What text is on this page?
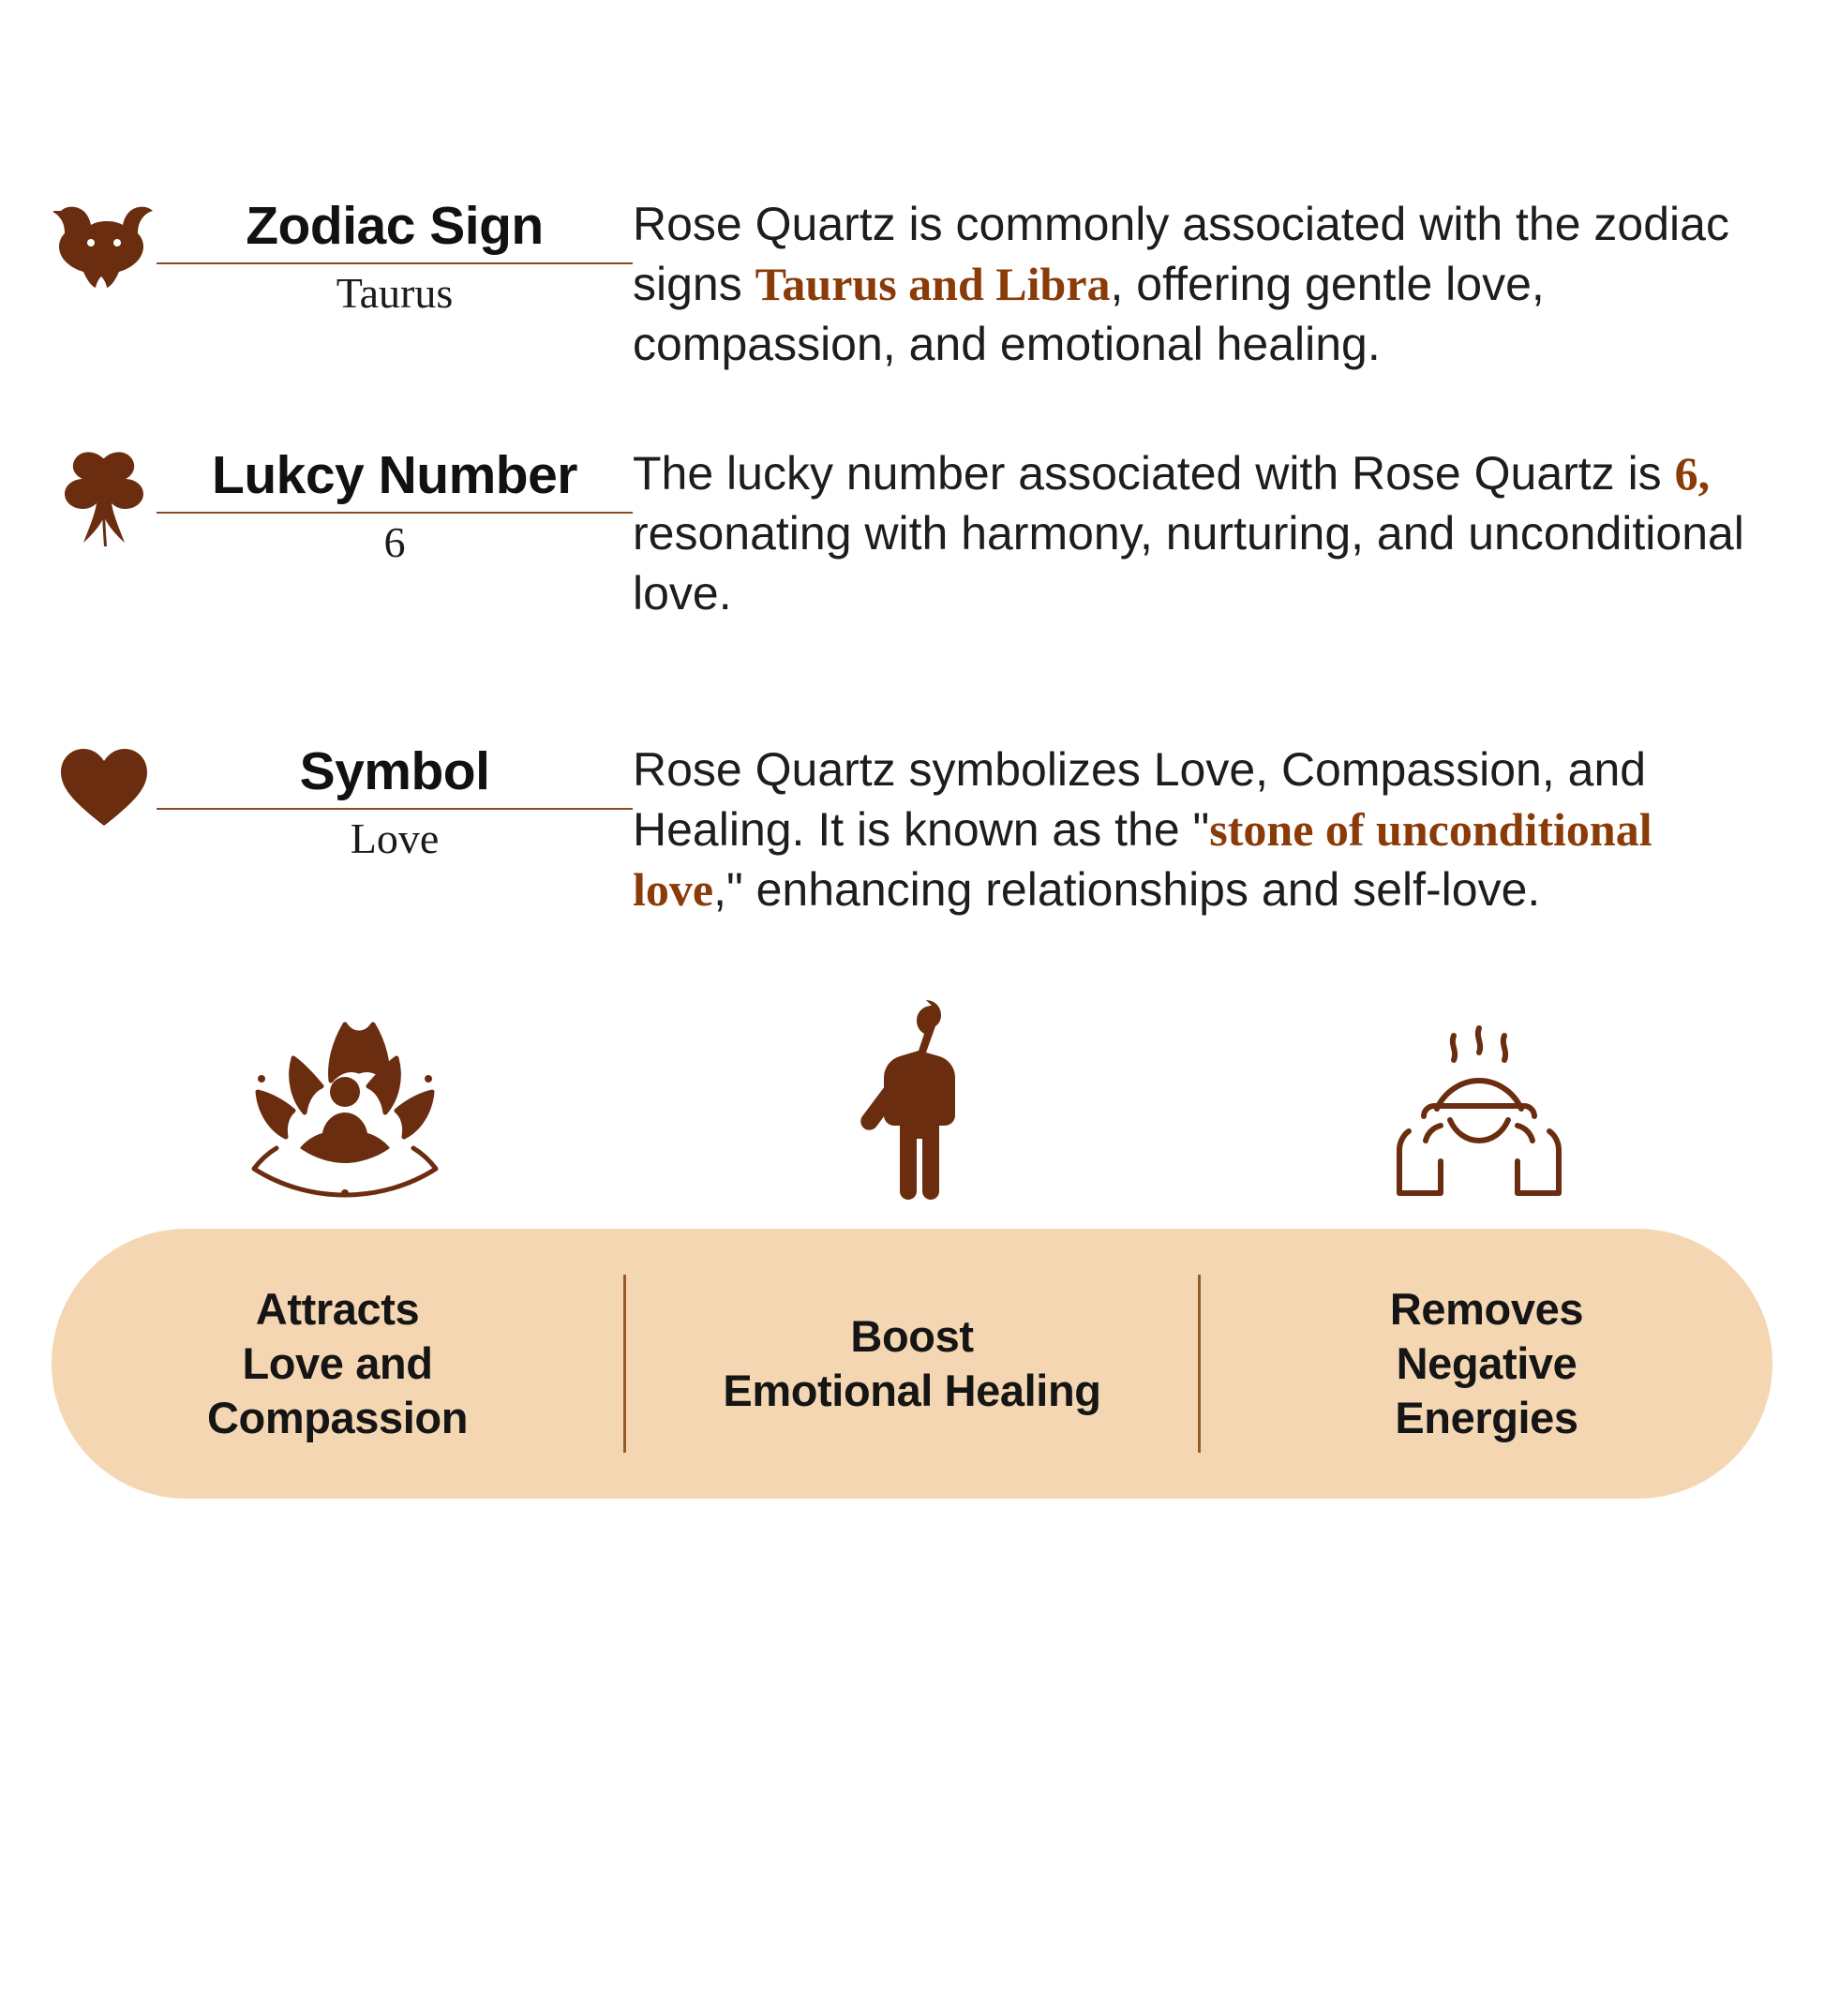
Zodiac Sign
Taurus
Rose Quartz is commonly associated with the zodiac signs Taurus and Libra, offering gentle love, compassion, and emotional healing.
Lukcy Number
6
The lucky number associated with Rose Quartz is 6, resonating with harmony, nurturing, and unconditional love.
Symbol
Love
Rose Quartz symbolizes Love, Compassion, and Healing. It is known as the "stone of unconditional love," enhancing relationships and self-love.
Attracts
Love and
Compassion
Boost
Emotional Healing
Removes
Negative
Energies
